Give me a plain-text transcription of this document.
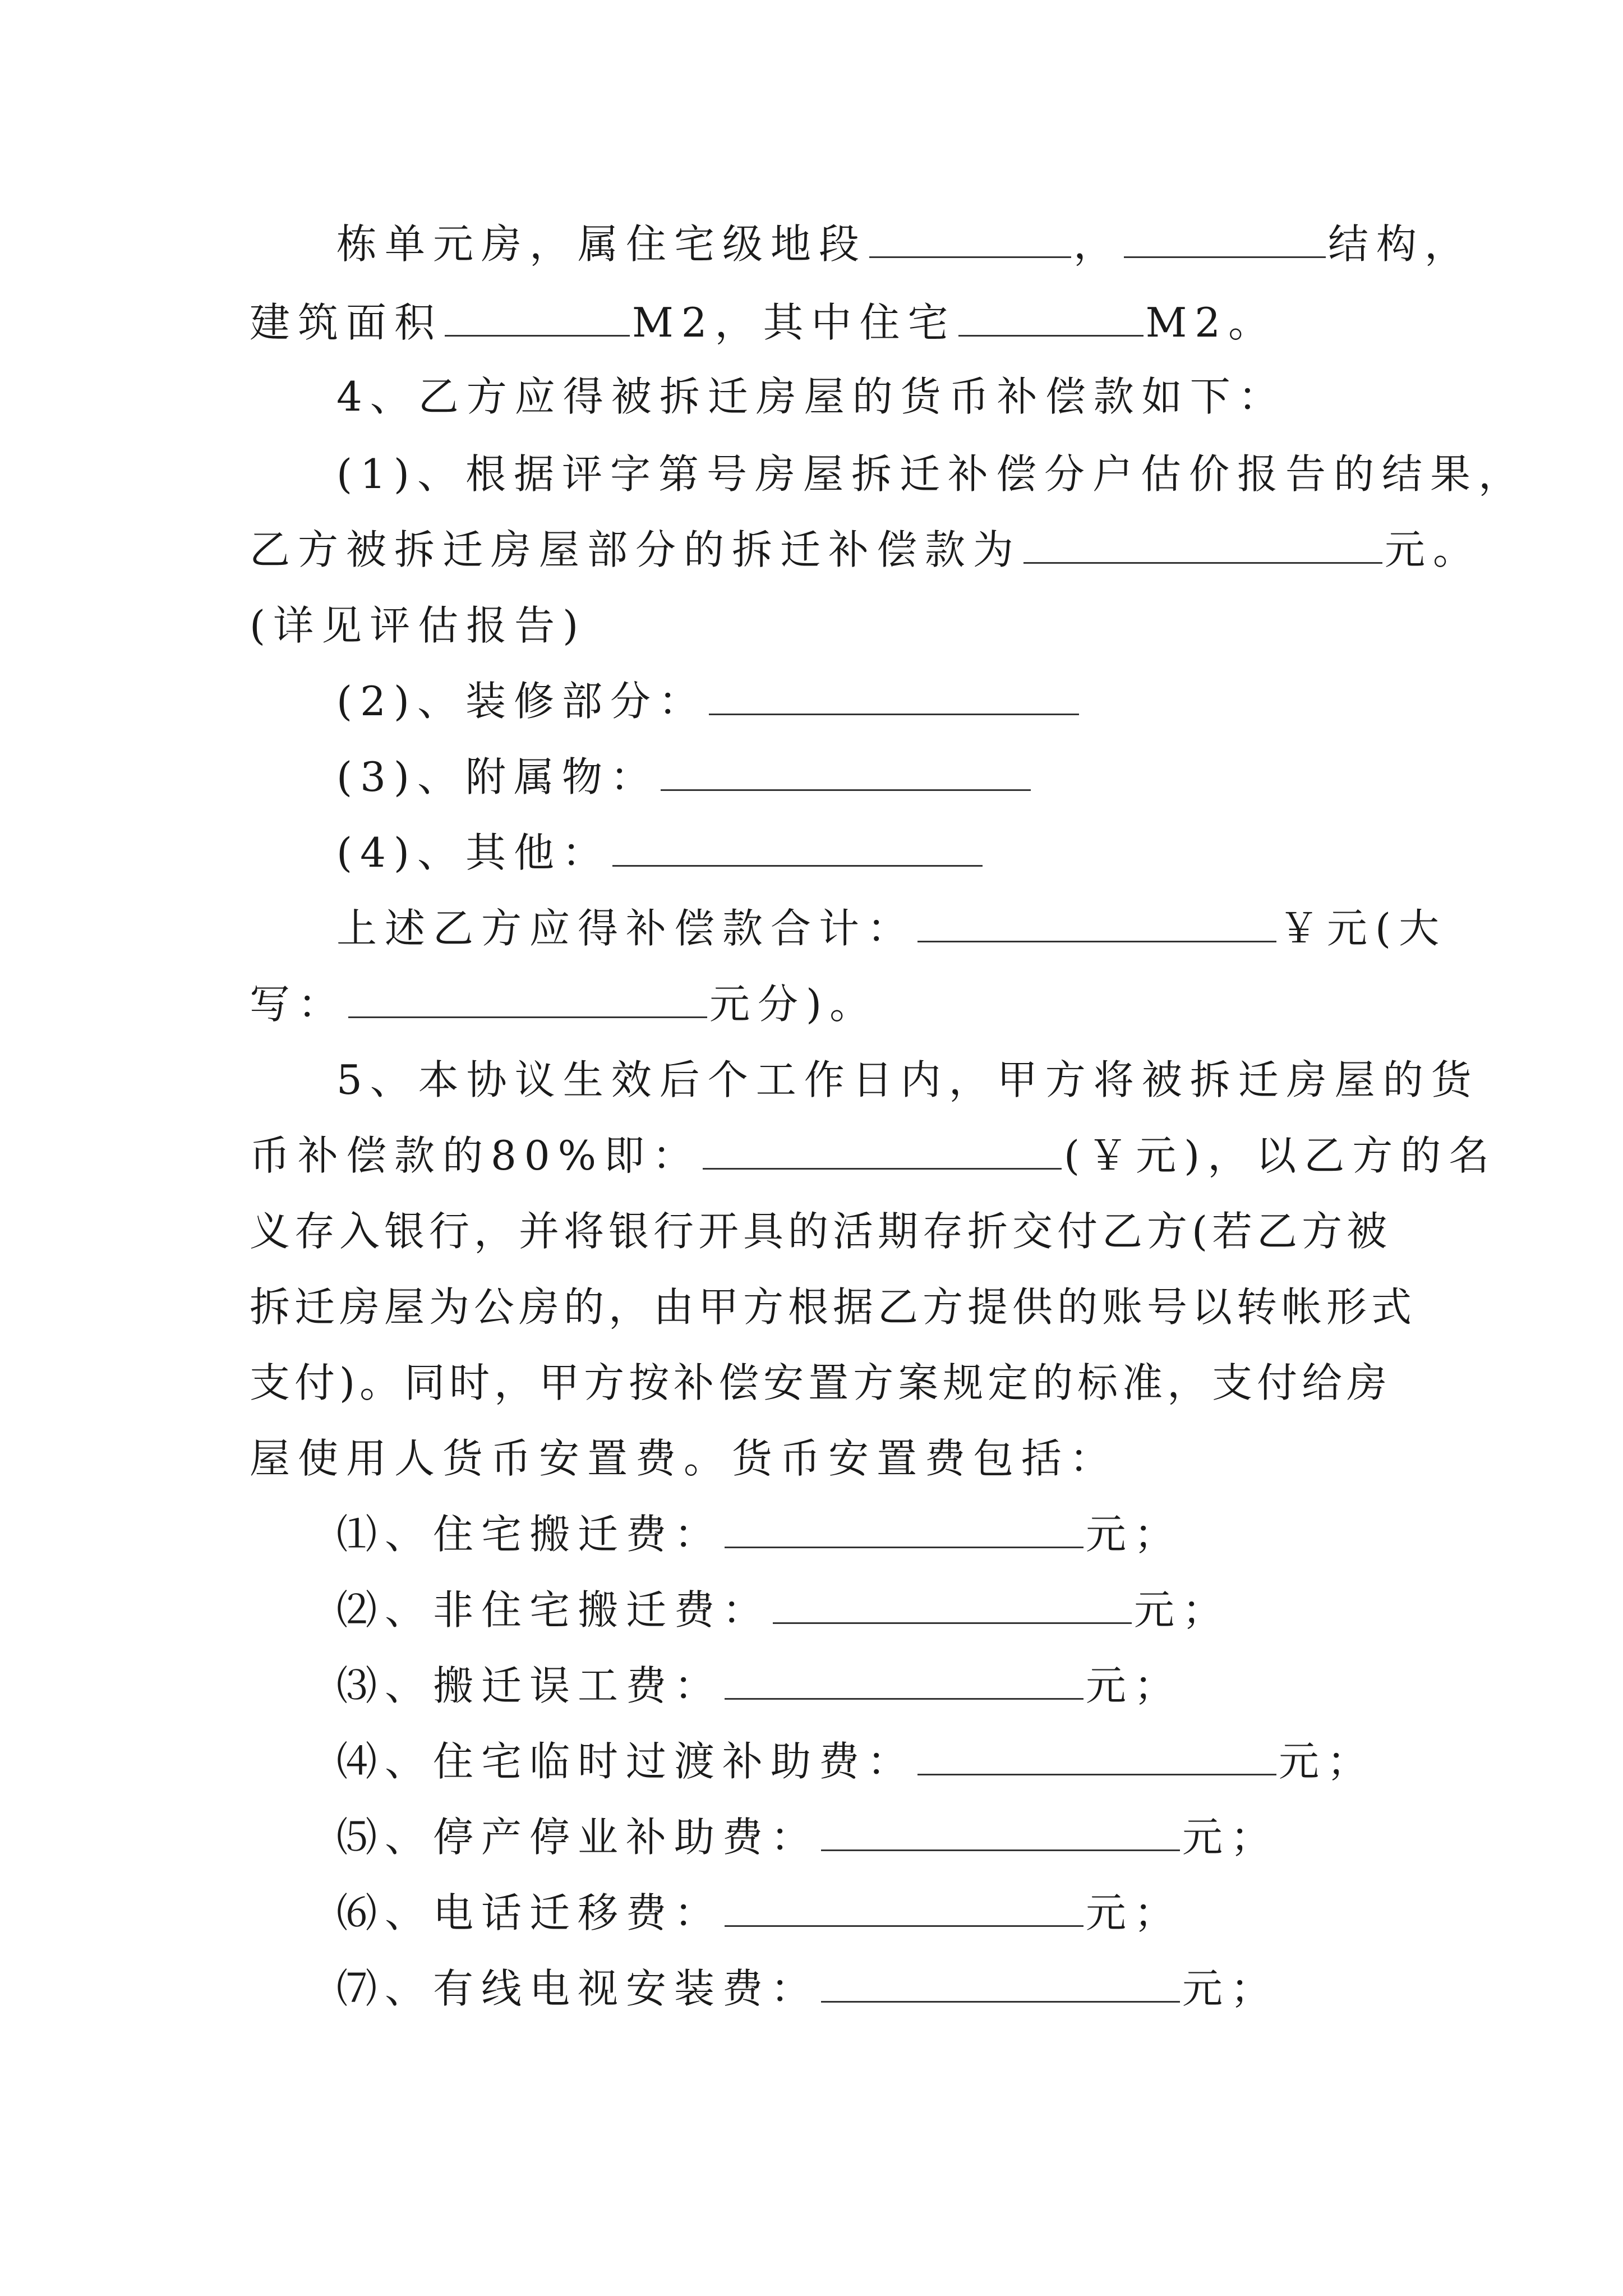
栋单元房，属住宅级地段	，	结构，
建筑面积	M2，其中住宅	M2。
4、乙方应得被拆迁房屋的货币补偿款如下：
(1)、根据评字第号房屋拆迁补偿分户估价报告的结果，
乙方被拆迁房屋部分的拆迁补偿款为	元。
(详见评估报告)
(2)、装修部分：
(3)、附属物：
(4)、其他：
上述乙方应得补偿款合计：	￥元(大
写：	元分)。
5、本协议生效后个工作日内，甲方将被拆迁房屋的货
币补偿款的80%即：	(￥元)，以乙方的名
义存入银行，并将银行开具的活期存折交付乙方(若乙方被
拆迁房屋为公房的，由甲方根据乙方提供的账号以转帐形式
支付)。同时，甲方按补偿安置方案规定的标准，支付给房
屋使用人货币安置费。货币安置费包括：
⑴、住宅搬迁费：	元；
⑵、非住宅搬迁费：	元；
⑶、搬迁误工费：	元；
⑷、住宅临时过渡补助费：	元；
⑸、停产停业补助费：	元；
⑹、电话迁移费：	元；
⑺、有线电视安装费：	元；
